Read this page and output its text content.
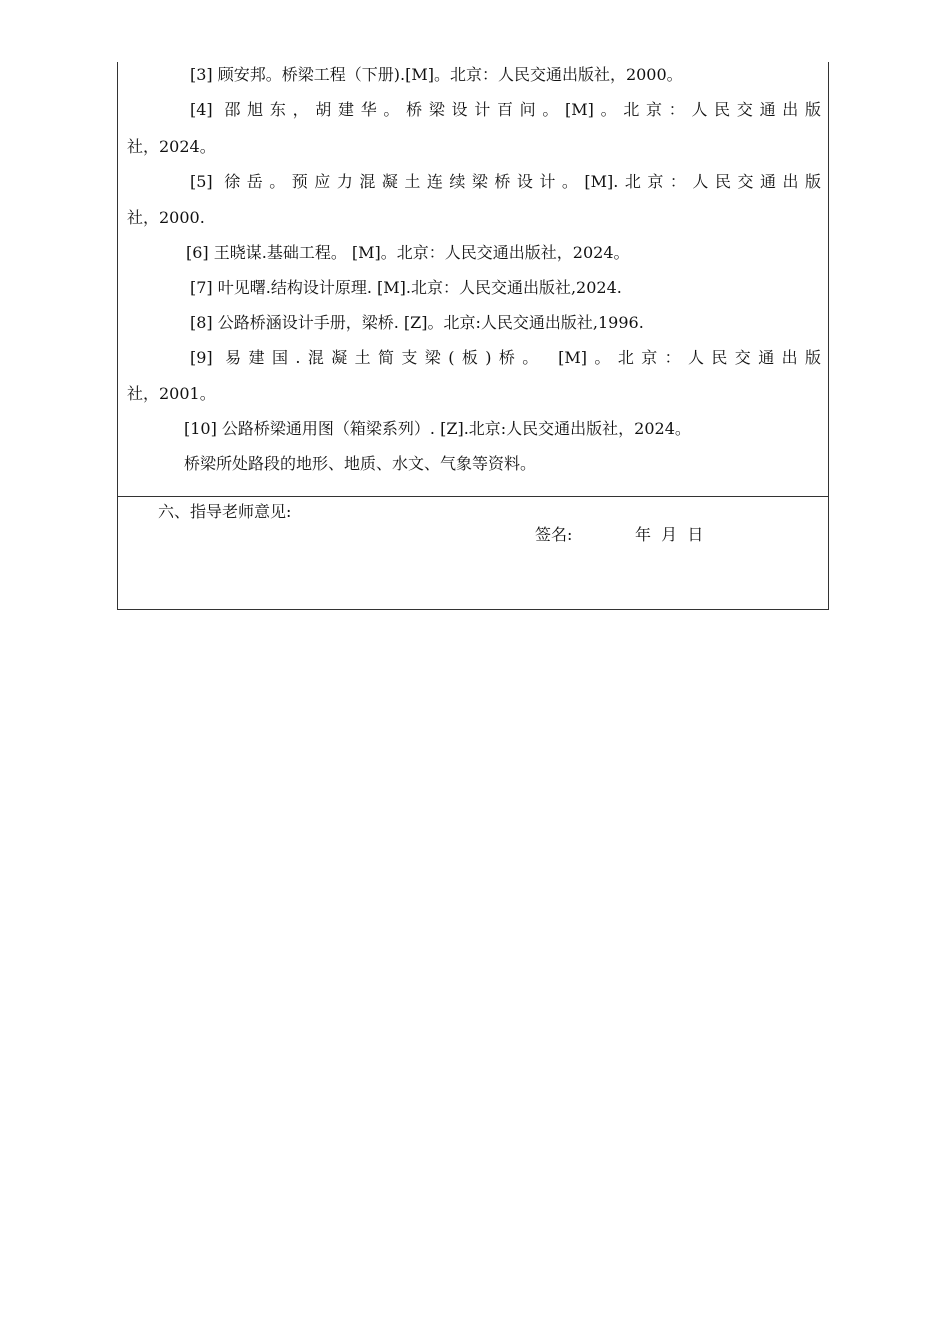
[3] 顾安邦。桥梁工程（下册).[M]。北京：人民交通出版社，2000。
[4] 邵旭东，胡建华。桥梁设计百问。[M]。北京：人民交通出版
社，2024。
[5] 徐岳。预应力混凝土连续梁桥设计。[M].北京：人民交通出版
社，2000.
[6] 王晓谋.基础工程。 [M]。北京：人民交通出版社，2024。
[7] 叶见曙.结构设计原理. [M].北京：人民交通出版社,2024.
[8] 公路桥涵设计手册，梁桥. [Z]。北京:人民交通出版社,1996.
[9] 易建国.混凝土简支梁(板)桥。 [M]。北京：人民交通出版
社，2001。
[10] 公路桥梁通用图（箱梁系列）. [Z].北京:人民交通出版社，2024。
桥梁所处路段的地形、地质、水文、气象等资料。
六、指导老师意见:
签名:	年  月  日
